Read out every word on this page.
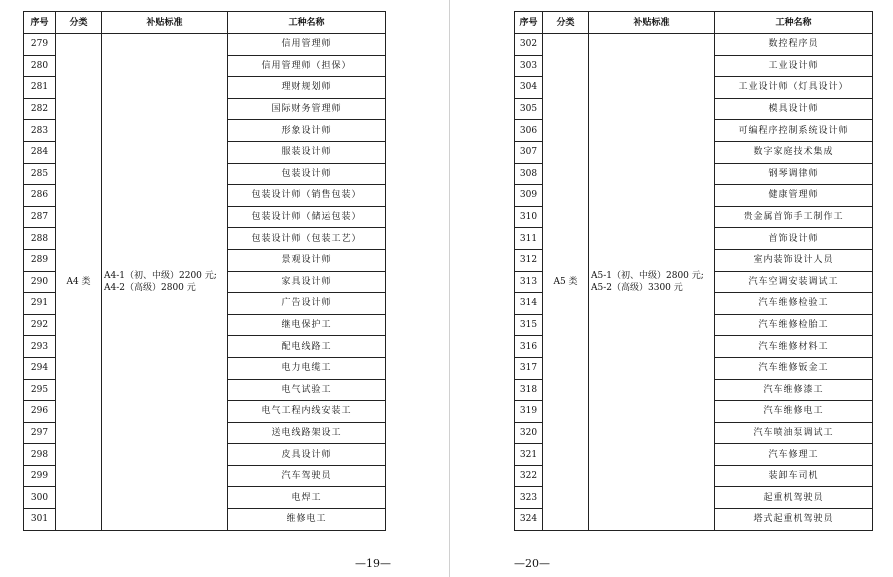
序号	分类	补贴标准	工种名称
279	A4 类	A4-1（初、中级）2200 元;
A4-2（高级）2800 元	信用管理师
280			信用管理师（担保）
281			理财规划师
282			国际财务管理师
283			形象设计师
284			服装设计师
285			包装设计师
286			包装设计师（销售包装）
287			包装设计师（储运包装）
288			包装设计师（包装工艺）
289			景观设计师
290			家具设计师
291			广告设计师
292			继电保护工
293			配电线路工
294			电力电缆工
295			电气试验工
296			电气工程内线安装工
297			送电线路架设工
298			皮具设计师
299			汽车驾驶员
300			电焊工
301			维修电工
—19—
序号	分类	补贴标准	工种名称
302	A5 类	A5-1（初、中级）2800 元;
A5-2（高级）3300 元	数控程序员
303			工业设计师
304			工业设计师（灯具设计）
305			模具设计师
306			可编程序控制系统设计师
307			数字家庭技术集成
308			钢琴调律师
309			健康管理师
310			贵金属首饰手工制作工
311			首饰设计师
312			室内装饰设计人员
313			汽车空调安装调试工
314			汽车维修检验工
315			汽车维修检胎工
316			汽车维修材料工
317			汽车维修钣金工
318			汽车维修漆工
319			汽车维修电工
320			汽车喷油泵调试工
321			汽车修理工
322			装卸车司机
323			起重机驾驶员
324			塔式起重机驾驶员
—20—
